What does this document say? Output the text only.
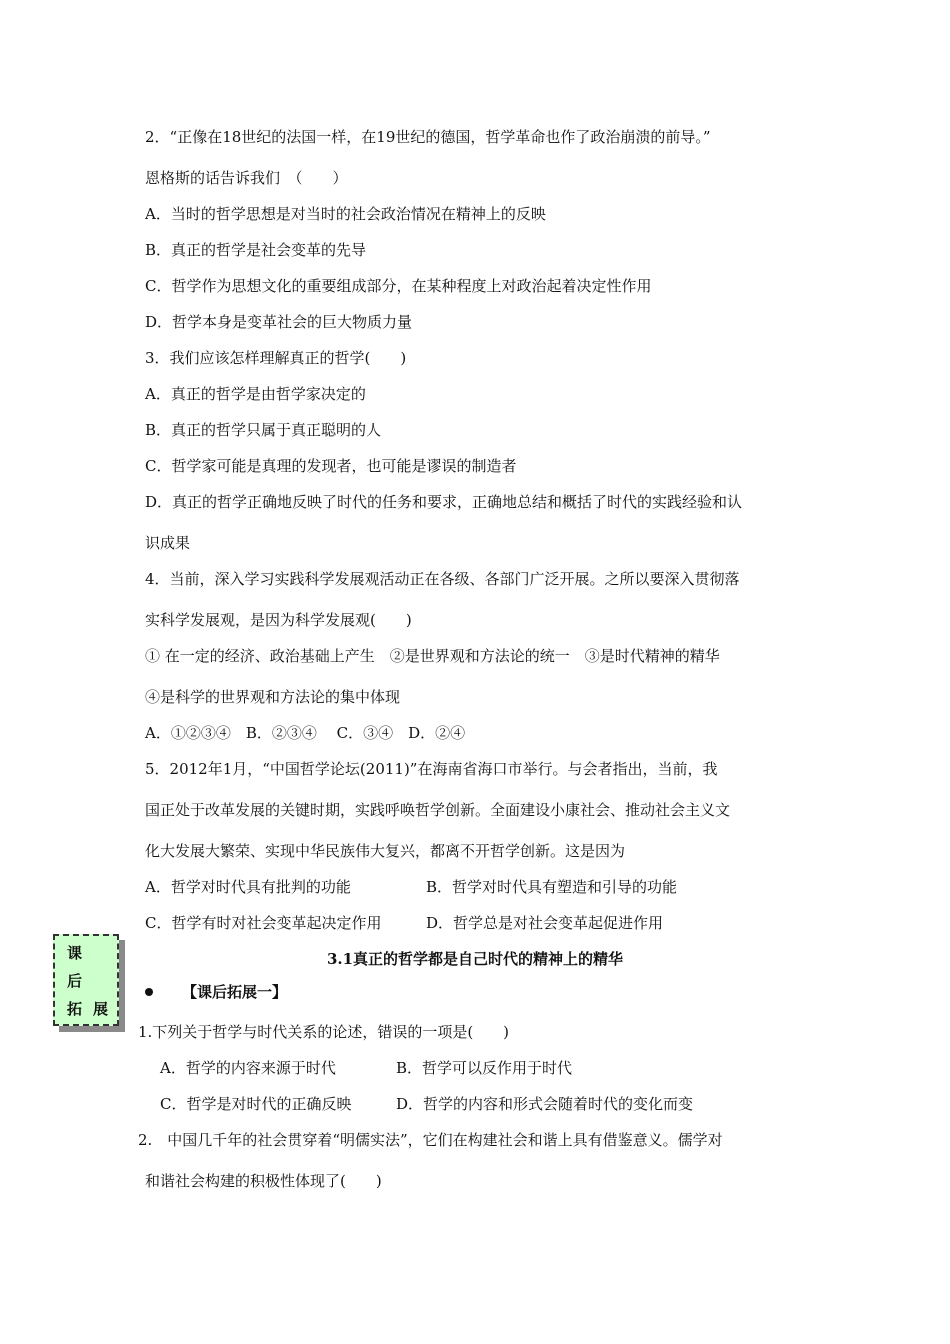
2．“正像在18世纪的法国一样，在19世纪的德国，哲学革命也作了政治崩溃的前导。”
恩格斯的话告诉我们　（　　）
A．当时的哲学思想是对当时的社会政治情况在精神上的反映
B．真正的哲学是社会变革的先导
C．哲学作为思想文化的重要组成部分，在某种程度上对政治起着决定性作用
D．哲学本身是变革社会的巨大物质力量
3．我们应该怎样理解真正的哲学(　　)
A．真正的哲学是由哲学家决定的
B．真正的哲学只属于真正聪明的人
C．哲学家可能是真理的发现者，也可能是谬误的制造者
D．真正的哲学正确地反映了时代的任务和要求，正确地总结和概括了时代的实践经验和认
识成果
4．当前，深入学习实践科学发展观活动正在各级、各部门广泛开展。之所以要深入贯彻落
实科学发展观，是因为科学发展观(　　)
① 在一定的经济、政治基础上产生　②是世界观和方法论的统一　③是时代精神的精华
④是科学的世界观和方法论的集中体现
A．①②③④　B．②③④　 C．③④　D．②④
5．2012年1月，“中国哲学论坛(2011)”在海南省海口市举行。与会者指出，当前，我
国正处于改革发展的关键时期，实践呼唤哲学创新。全面建设小康社会、推动社会主义文
化大发展大繁荣、实现中华民族伟大复兴，都离不开哲学创新。这是因为
A．哲学对时代具有批判的功能	B．哲学对时代具有塑造和引导的功能
C．哲学有时对社会变革起决定作用	D．哲学总是对社会变革起促进作用
课
后
拓 展
3.1真正的哲学都是自己时代的精神上的精华
【课后拓展一】
1.下列关于哲学与时代关系的论述，错误的一项是(　　)
A．哲学的内容来源于时代	B．哲学可以反作用于时代
C．哲学是对时代的正确反映	D．哲学的内容和形式会随着时代的变化而变
2.　中国几千年的社会贯穿着“明儒实法”，它们在构建社会和谐上具有借鉴意义。儒学对
和谐社会构建的积极性体现了(　　)
